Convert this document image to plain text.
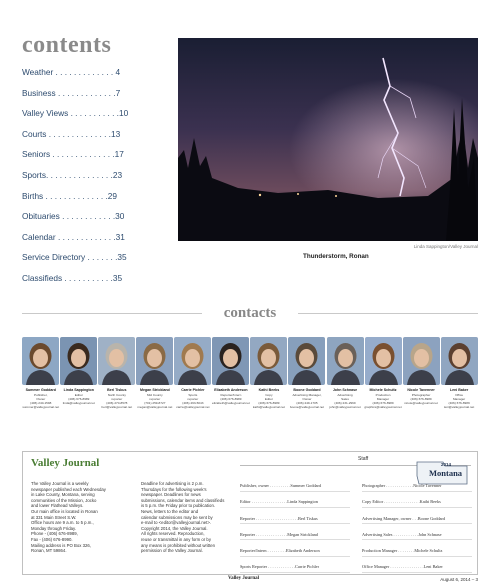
contents
Weather . . . . . . . . . . . . . 4
Business . . . . . . . . . . . . .7
Valley Views . . . . . . . . . . .10
Courts . . . . . . . . . . . . . .13
Seniors . . . . . . . . . . . . . .17
Sports. . . . . . . . . . . . . . .23
Births . . . . . . . . . . . . . .29
Obituaries . . . . . . . . . . . .30
Calendar . . . . . . . . . . . . .31
Service Directory . . . . . . .35
Classifieds . . . . . . . . . . .35
Linda Sappington/Valley Journal
Thunderstorm, Ronan
contacts
Summer Goddard
Publisher,
Owner
(406) 240-1598
summer@valleyjournal.net
Linda Sappington
Editor
(406) 676-8989
linda@valleyjournal.net
Berl Tiskus
North County
reporter
(406) 270-8578
berl@valleyjournal.net
Megan Strickland
Mid County
reporter
(701) 259-8727
megan@valleyjournal.net
Carrie Pichler
Sports
reporter
(406) 493-5043
carrie@valleyjournal.net
Elizabeth Anderson
Reporter/Intern
(406) 676-8989
elizabeth@valleyjournal.net
Kathi Beeks
Copy
Editor
(406) 676-8989
kathi@valleyjournal.net
Boone Goddard
Advertising Manager,
Owner
(406) 249-1705
boone@valleyjournal.net
John Schnase
Advertising
Sales
(406) 231-2969
john@valleyjournal.net
Michele Schultz
Production
Manager
(406) 676-8989
graphics@valleyjournal.net
Nicole Tavenner
Photographer
(406) 676-8989
nicole@valleyjournal.net
Leni Baker
Office
Manager
(406) 676-8989
leni@valleyjournal.net
Valley Journal
The Valley Journal is a weekly
newspaper published each Wednesday
in Lake County, Montana, serving
communities of the Mission, Jocko
and lower Flathead Valleys.
Our main office is located in Ronan
at 331 Main Street S.W.
Office hours are 9 a.m. to 5 p.m.,
Monday through Friday.
Phone - (406) 676-8989,
Fax - (406) 676-8990.
Mailing address is PO Box 326,
Ronan, MT 59864.
Deadline for advertising is 2 p.m.
Thursdays for the following week's
newspaper. Deadlines for news
submissions, calendar items and classifieds
is 5 p.m. the Friday prior to publication.
News, letters to the editor and
calendar submissions may be sent by
e-mail to <editor@valleyjournal.net>.
Copyright 2014, the Valley Journal.
All rights reserved. Reproduction,
reuse or transmittal in any form or by
any means is prohibited without written
permission of the Valley Journal.
Staff
2014
Montana
Publisher, owner . . . . . . . . . .Summer Goddard	Photographer . . . . . . . . . . . . .Nicole Tavenner
Editor . . . . . . . . . . . . . . . . .Linda Sappington	Copy Editor . . . . . . . . . . . . . . . . .Kathi Beeks
Reporter . . . . . . . . . . . . . . . . . . . .Berl Tiskus	Advertising Manager, owner . . .Boone Goddard
Reporter . . . . . . . . . . . . . . .Megan Strickland	Advertising Sales . . . . . . . . . . . .John Schnase
Reporter/Intern . . . . . . . . .Elizabeth Anderson	Production Manager . . . . . . . .Michele Schultz
Sports Reporter . . . . . . . . . . . . .Carrie Pichler	Office Manager . . . . . . . . . . . . . . . .Leni Baker
Valley Journal	August 6, 2014 – 3
